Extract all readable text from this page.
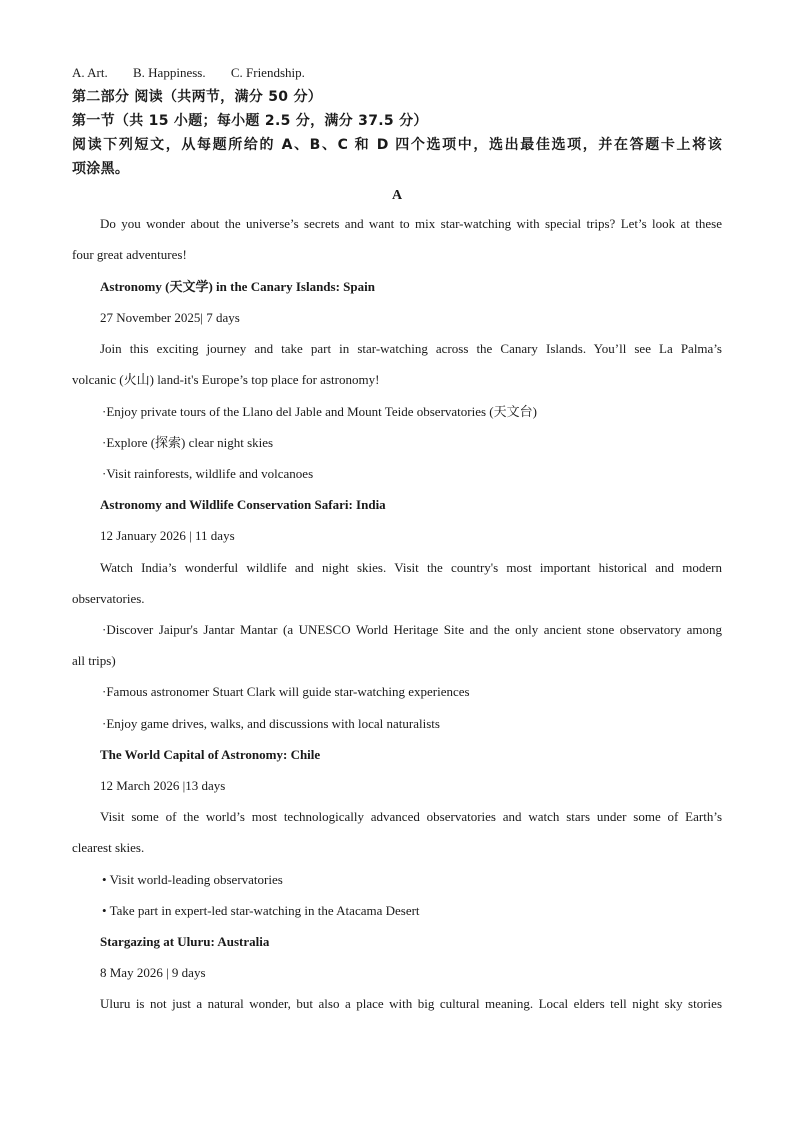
A. Art. B. Happiness. C. Friendship.
第二部分 阅读（共两节，满分 50 分）
第一节（共 15 小题；每小题 2.5 分，满分 37.5 分）
阅读下列短文，从每题所给的 A、B、C 和 D 四个选项中，选出最佳选项，并在答题卡上将该
项涂黑。
A
Do you wonder about the universe’s secrets and want to mix star-watching with special trips? Let’s look at these
four great adventures!
Astronomy (天文学) in the Canary Islands: Spain
27 November 2025| 7 days
Join this exciting journey and take part in star-watching across the Canary Islands. You’ll see La Palma’s
volcanic (火山) land-it's Europe’s top place for astronomy!
·Enjoy private tours of the Llano del Jable and Mount Teide observatories (天文台)
·Explore (探索) clear night skies
·Visit rainforests, wildlife and volcanoes
Astronomy and Wildlife Conservation Safari: India
12 January 2026 | 11 days
Watch India’s wonderful wildlife and night skies. Visit the country's most important historical and modern
observatories.
·Discover Jaipur's Jantar Mantar (a UNESCO World Heritage Site and the only ancient stone observatory among
all trips)
·Famous astronomer Stuart Clark will guide star-watching experiences
·Enjoy game drives, walks, and discussions with local naturalists
The World Capital of Astronomy: Chile
12 March 2026 |13 days
Visit some of the world’s most technologically advanced observatories and watch stars under some of Earth’s
clearest skies.
• Visit world-leading observatories
• Take part in expert-led star-watching in the Atacama Desert
Stargazing at Uluru: Australia
8 May 2026 | 9 days
Uluru is not just a natural wonder, but also a place with big cultural meaning. Local elders tell night sky stories
